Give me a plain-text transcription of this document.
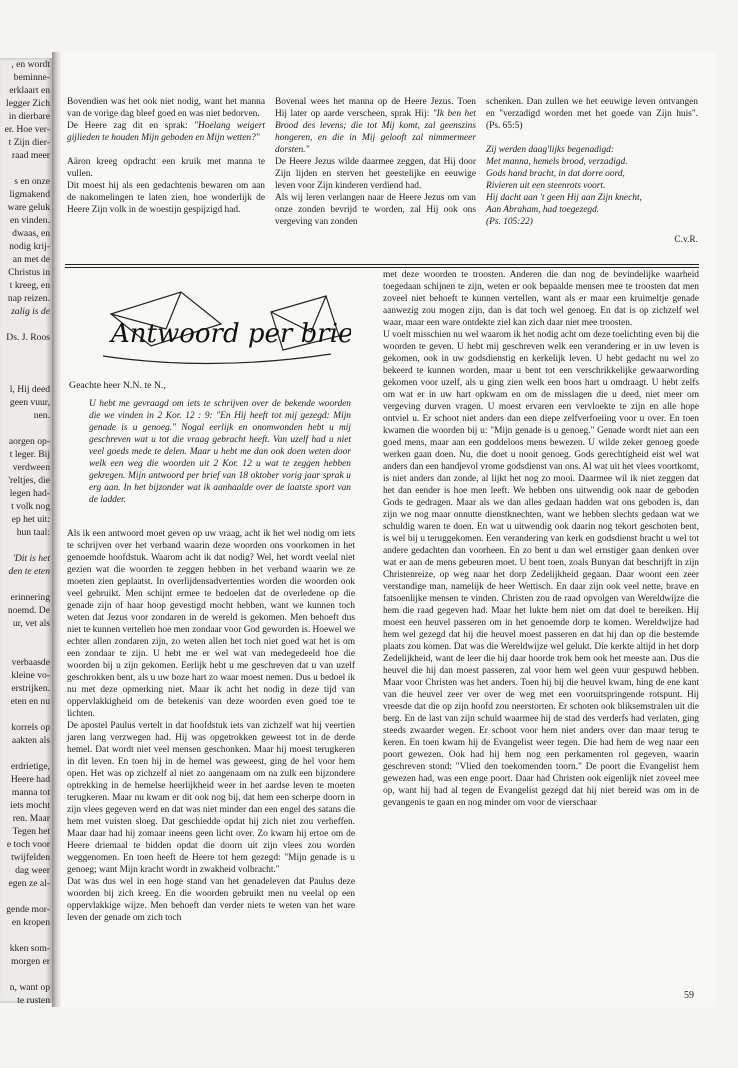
, en wordt
beminne-
erklaart en
legger Zich
in dierbare
er. Hoe ver-
t Zijn dier-
raad meer
s en onze
ligmakend
ware geluk
en vinden.
dwaas, en
nodig krij-
an met de
Christus in
t kreeg, en
nap reizen.
zalig is de
Ds. J. Roos
l, Hij deed
geen vuur,
nen.
aorgen op-
t leger. Bij
verdween
'reltjes, die
legen had-
t volk nog
ep het uit:
hun taal:
'Dit is het
den te eten
erinnering
noemd. De
ur, vet als
verbaasde
kleine vo-
erstrijken.
eten en nu
korrels op
aakten als
erdrietige,
Heere had
manna tot
iets mocht
ren. Maar
Tegen het
e toch voor
twijfelden
dag weer
egen ze al-
gende mor-
en kropen
kken som-
morgen er
n, want op
te rusten

Bovendien was het ook niet nodig, want het manna van de vorige dag bleef goed en was niet bedorven.

De Heere zag dit en sprak: "Hoelang weigert gijlieden te houden Mijn geboden en Mijn wetten?"

Aäron kreeg opdracht een kruik met manna te vullen.

Dit moest hij als een gedachtenis bewaren om aan de nakomelingen te laten zien, hoe wonderlijk de Heere Zijn volk in de woestijn gespijzigd had.

Bovenal wees het manna op de Heere Jezus. Toen Hij later op aarde verscheen, sprak Hij: "Ik ben het Brood des levens; die tot Mij komt, zal geenszins hongeren, en die in Mij gelooft zal nimmermeer dorsten."

De Heere Jezus wilde daarmee zeggen, dat Hij door Zijn lijden en sterven het geestelijke en eeuwige leven voor Zijn kinderen verdiend had.

Als wij leren verlangen naar de Heere Jezus om van onze zonden bevrijd te worden, zal Hij ook ons vergeving van zonden

schenken. Dan zullen we het eeuwige leven ontvangen en "verzadigd worden met het goede van Zijn huis". (Ps. 65:5)

Zij werden daag'lijks begenadigd:
Met manna, hemels brood, verzadigd.
Gods hand bracht, in dat dorre oord,
Rivieren uit een steenrots voort.
Hij dacht aan 't geen Hij aan Zijn knecht,
Aan Abraham, had toegezegd.
(Ps. 105:22)

C.v.R.

Antwoord per brief
Geachte heer N.N. te N.,
U hebt me gevraagd om iets te schrijven over de bekende woorden die we vinden in 2 Kor. 12 : 9: "En Hij heeft tot mij gezegd: Mijn genade is u genoeg." Nogal eerlijk en onomwonden hebt u mij geschreven wat u tot die vraag gebracht heeft. Van uzelf had u niet veel goeds mede te delen. Maar u hebt me dan ook doen weten door welk een weg die woorden uit 2 Kor. 12 u wat te zeggen hebben gekregen. Mijn antwoord per brief van 18 oktober vorig jaar sprak u erg aan. In het bijzonder wat ik aanhaalde over de laatste sport van de ladder.

Als ik een antwoord moet geven op uw vraag, acht ik het wel nodig om iets te schrijven over het verband waarin deze woorden ons voorkomen in het genoemde hoofdstuk. Waarom acht ik dat nodig? Wel, het wordt veelal niet gezien wat die woorden te zeggen hebben in het verband waarin we ze moeten zien geplaatst. In overlijdensadvertenties worden die woorden ook veel gebruikt. Men schijnt ermee te bedoelen dat de overledene op die genade zijn of haar hoop gevestigd mocht hebben, want we kunnen toch weten dat Jezus voor zondaren in de wereld is gekomen. Men behoeft dus niet te kunnen vertellen hoe men zondaar voor God geworden is. Hoewel we echter allen zondaren zijn, zo weten allen het toch niet goed wat het is om een zondaar te zijn. U hebt me er wel wat van medegedeeld hoe die woorden bij u zijn gekomen. Eerlijk hebt u me geschreven dat u van uzelf geschrokken bent, als u uw boze hart zo waar moest nemen. Dus u bedoel ik nu met deze opmerking niet. Maar ik acht het nodig in deze tijd van oppervlakkigheid om de betekenis van deze woorden even goed toe te lichten.

De apostel Paulus vertelt in dat hoofdstuk iets van zichzelf wat hij veertien jaren lang verzwegen had. Hij was opgetrokken geweest tot in de derde hemel. Dat wordt niet veel mensen geschonken. Maar hij moest terugkeren in dit leven. En toen hij in de hemel was geweest, ging de hel voor hem open. Het was op zichzelf al niet zo aangenaam om na zulk een bijzondere optrekking in de hemelse heerlijkheid weer in het aardse leven te moeten terugkeren. Maar nu kwam er dit ook nog bij, dat hem een scherpe doorn in zijn vlees gegeven werd en dat was niet minder dan een engel des satans die hem met vuisten sloeg. Dat geschiedde opdat hij zich niet zou verheffen. Maar daar had hij zomaar ineens geen licht over. Zo kwam hij ertoe om de Heere driemaal te bidden opdat die doorn uit zijn vlees zou worden weggenomen. En toen heeft de Heere tot hem gezegd: "Mijn genade is u genoeg; want Mijn kracht wordt in zwakheid volbracht."

Dat was dus wel in een hoge stand van het genadeleven dat Paulus deze woorden bij zich kreeg. En die woorden gebruikt men nu veelal op een oppervlakkige wijze. Men behoeft dan verder niets te weten van het ware leven der genade om zich toch

met deze woorden te troosten. Anderen die dan nog de bevindelijke waarheid toegedaan schijnen te zijn, weten er ook bepaalde mensen mee te troosten dat men zoveel niet behoeft te kunnen vertellen, want als er maar een kruimeltje genade aanwezig zou mogen zijn, dan is dat toch wel genoeg. En dat is op zichzelf wel waar, maar een ware ontdekte ziel kan zich daar niet mee troosten.

U voelt misschien nu wel waarom ik het nodig acht om deze toelichting even bij die woorden te geven. U hebt mij geschreven welk een verandering er in uw leven is gekomen, ook in uw godsdienstig en kerkelijk leven. U hebt gedacht nu wel zo bekeerd te kunnen worden, maar u bent tot een verschrikkelijke gewaarwording gekomen voor uzelf, als u ging zien welk een boos hart u omdraagt. U hebt zelfs om wat er in uw hart opkwam en om de misslagen die u deed, niet meer om vergeving durven vragen. U moest ervaren een vervloekte te zijn en alle hope ontviel u. Er schoot niet anders dan een diepe zelfverfoeiing voor u over. En toen kwamen die woorden bij u: "Mijn genade is u genoeg." Genade wordt niet aan een goed mens, maar aan een goddeloos mens bewezen. U wilde zeker genoeg goede werken gaan doen. Nu, die doet u nooit genoeg. Gods gerechtigheid eist wel wat anders dan een handjevol vrome godsdienst van ons. Al wat uit het vlees voortkomt, is niet anders dan zonde, al lijkt het nog zo mooi. Daarmee wil ik niet zeggen dat het dan eender is hoe men leeft. We hebben ons uitwendig ook naar de geboden Gods te gedragen. Maar als we dan alles gedaan hadden wat ons geboden is, dan zijn we nog maar onnutte dienstknechten, want we hebben slechts gedaan wat we schuldig waren te doen. En wat u uitwendig ook daarin nog tekort geschoten bent, is wel bij u teruggekomen. Een verandering van kerk en godsdienst bracht u wel tot andere gedachten dan voorheen. En zo bent u dan wel ernstiger gaan denken over wat er aan de mens gebeuren moet. U bent toen, zoals Bunyan dat beschrijft in zijn Christenreize, op weg naar het dorp Zedelijkheid gegaan. Daar woont een zeer verstandige man, namelijk de heer Wettisch. En daar zijn ook veel nette, brave en fatsoenlijke mensen te vinden. Christen zou de raad opvolgen van Wereldwijze die hem die raad gegeven had. Maar het lukte hem niet om dat doel te bereiken. Hij moest een heuvel passeren om in het genoemde dorp te komen. Wereldwijze had hem wel gezegd dat hij die heuvel moest passeren en dat hij dan op die bestemde plaats zou komen. Dat was die Wereldwijze wel gelukt. Die kerkte altijd in het dorp Zedelijkheid, want de leer die hij daar hoorde trok hem ook het meeste aan. Dus die heuvel die hij dan moest passeren, zal voor hem wel geen vuur gespuwd hebben. Maar voor Christen was het anders. Toen hij bij die heuvel kwam, hing de ene kant van die heuvel zeer ver over de weg met een vooruitspringende rotspunt. Hij vreesde dat die op zijn hoofd zou neerstorten. Er schoten ook bliksemstralen uit die berg. En de last van zijn schuld waarmee hij de stad des verderfs had verlaten, ging steeds zwaarder wegen. Er schoot voor hem niet anders over dan maar terug te keren. En toen kwam hij de Evangelist weer tegen. Die had hem de weg naar een poort gewezen. Ook had hij hem nog een perkamenten rol gegeven, waarin geschreven stond: "Vlied den toekomenden toorn." De poort die Evangelist hem gewezen had, was een enge poort. Daar had Christen ook eigenlijk niet zoveel mee op, want hij had al tegen de Evangelist gezegd dat hij niet bereid was om in de gevangenis te gaan en nog minder om voor de vierschaar

59
